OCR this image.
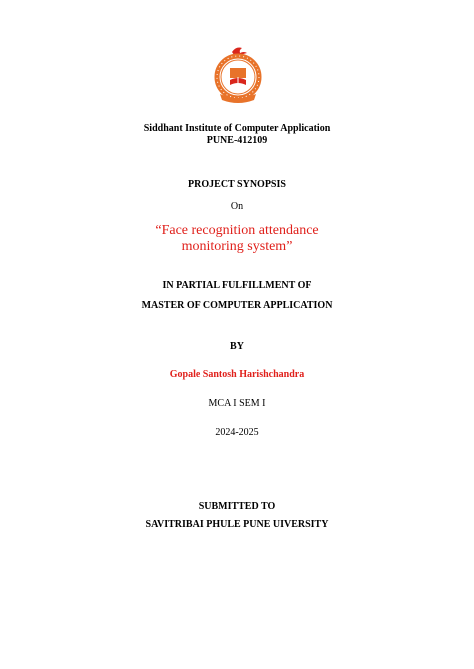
Siddhant Institute of Computer Application
PUNE-412109
PROJECT SYNOPSIS
On
“Face recognition attendance
monitoring system”
IN PARTIAL FULFILLMENT OF
MASTER OF COMPUTER APPLICATION
BY
Gopale Santosh Harishchandra
MCA I SEM I
2024-2025
SUBMITTED TO
SAVITRIBAI PHULE PUNE UIVERSITY
